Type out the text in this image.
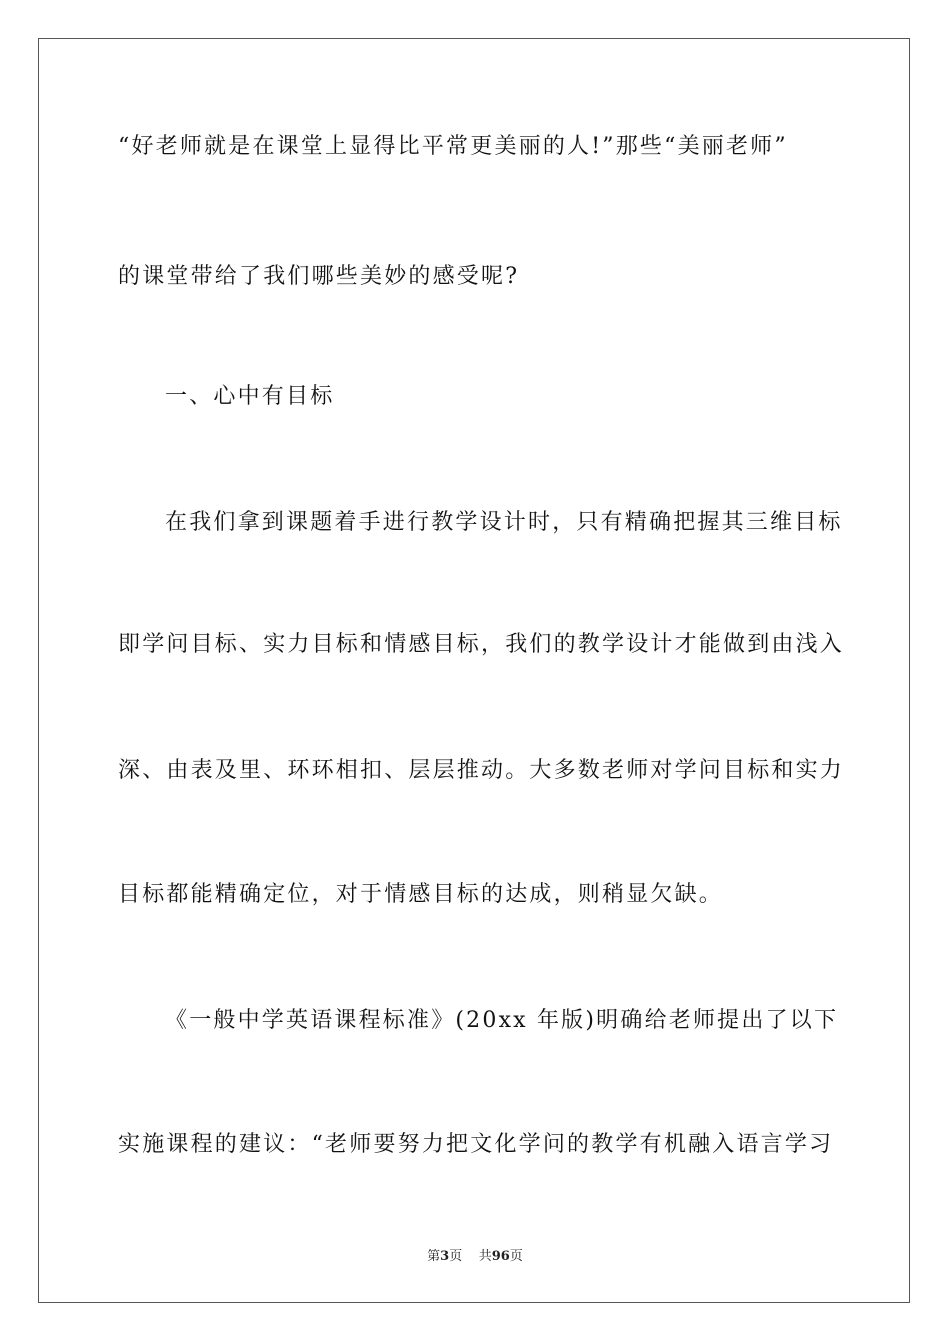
“好老师就是在课堂上显得比平常更美丽的人!”那些“美丽老师”
的课堂带给了我们哪些美妙的感受呢?
一、心中有目标
在我们拿到课题着手进行教学设计时，只有精确把握其三维目标
即学问目标、实力目标和情感目标，我们的教学设计才能做到由浅入
深、由表及里、环环相扣、层层推动。大多数老师对学问目标和实力
目标都能精确定位，对于情感目标的达成，则稍显欠缺。
《一般中学英语课程标准》(20xx 年版)明确给老师提出了以下
实施课程的建议：“老师要努力把文化学问的教学有机融入语言学习
第3页 共96页
